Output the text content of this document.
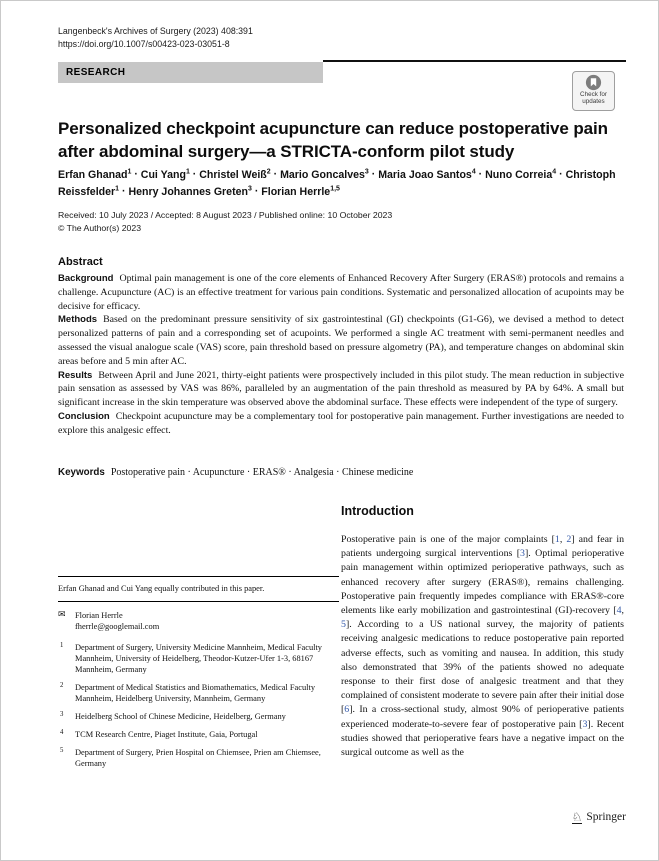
Langenbeck's Archives of Surgery (2023) 408:391
https://doi.org/10.1007/s00423-023-03051-8
RESEARCH
Check for
updates
Personalized checkpoint acupuncture can reduce postoperative pain after abdominal surgery—a STRICTA-conform pilot study
Erfan Ghanad$^1$ · Cui Yang$^1$ · Christel Weiß$^2$ · Mario Goncalves$^3$ · Maria Joao Santos$^4$ · Nuno Correia$^4$ · Christoph Reissfelder$^1$ · Henry Johannes Greten$^3$ · Florian Herrle$^{1,5}$
Received: 10 July 2023 / Accepted: 8 August 2023 / Published online: 10 October 2023
© The Author(s) 2023
Abstract

Background Optimal pain management is one of the core elements of Enhanced Recovery After Surgery (ERAS®) protocols and remains a challenge. Acupuncture (AC) is an effective treatment for various pain conditions. Systematic and personalized allocation of acupoints may be decisive for efficacy.

Methods Based on the predominant pressure sensitivity of six gastrointestinal (GI) checkpoints (G1-G6), we devised a method to detect personalized patterns of pain and a corresponding set of acupoints. We performed a single AC treatment with semi-permanent needles and assessed the visual analogue scale (VAS) score, pain threshold based on pressure algometry (PA), and temperature changes on abdominal skin areas before and 5 min after AC.

Results Between April and June 2021, thirty-eight patients were prospectively included in this pilot study. The mean reduction in subjective pain sensation as assessed by VAS was 86%, paralleled by an augmentation of the pain threshold as measured by PA by 64%. A small but significant increase in the skin temperature was observed above the abdominal surface. These effects were independent of the type of surgery.

Conclusion Checkpoint acupuncture may be a complementary tool for postoperative pain management. Further investigations are needed to explore this analgesic effect.

Keywords Postoperative pain · Acupuncture · ERAS® · Analgesia · Chinese medicine

Erfan Ghanad and Cui Yang equally contributed in this paper.

✉ Florian Herrle
fherrle@googlemail.com
1 Department of Surgery, University Medicine Mannheim, Medical Faculty Mannheim, University of Heidelberg, Theodor-Kutzer-Ufer 1-3, 68167 Mannheim, Germany
2 Department of Medical Statistics and Biomathematics, Medical Faculty Mannheim, Heidelberg University, Mannheim, Germany
3 Heidelberg School of Chinese Medicine, Heidelberg, Germany
4 TCM Research Centre, Piaget Institute, Gaia, Portugal
5 Department of Surgery, Prien Hospital on Chiemsee, Prien am Chiemsee, Germany
Introduction

Postoperative pain is one of the major complaints [1, 2] and fear in patients undergoing surgical interventions [3]. Optimal perioperative pain management within optimized perioperative pathways, such as enhanced recovery after surgery (ERAS®), remains challenging. Postoperative pain frequently impedes compliance with ERAS®-core elements like early mobilization and gastrointestinal (GI)-recovery [4, 5]. According to a US national survey, the majority of patients receiving analgesic medications to reduce postoperative pain reported adverse effects, such as vomiting and nausea. In addition, this study also demonstrated that 39% of the patients showed no adequate response to their first dose of analgesic treatment and that they complained of consistent moderate to severe pain after their initial dose [6]. In a cross-sectional study, almost 90% of perioperative patients experienced moderate-to-severe fear of postoperative pain [3]. Recent studies showed that perioperative fears have a negative impact on the surgical outcome as well as the

♘ Springer
